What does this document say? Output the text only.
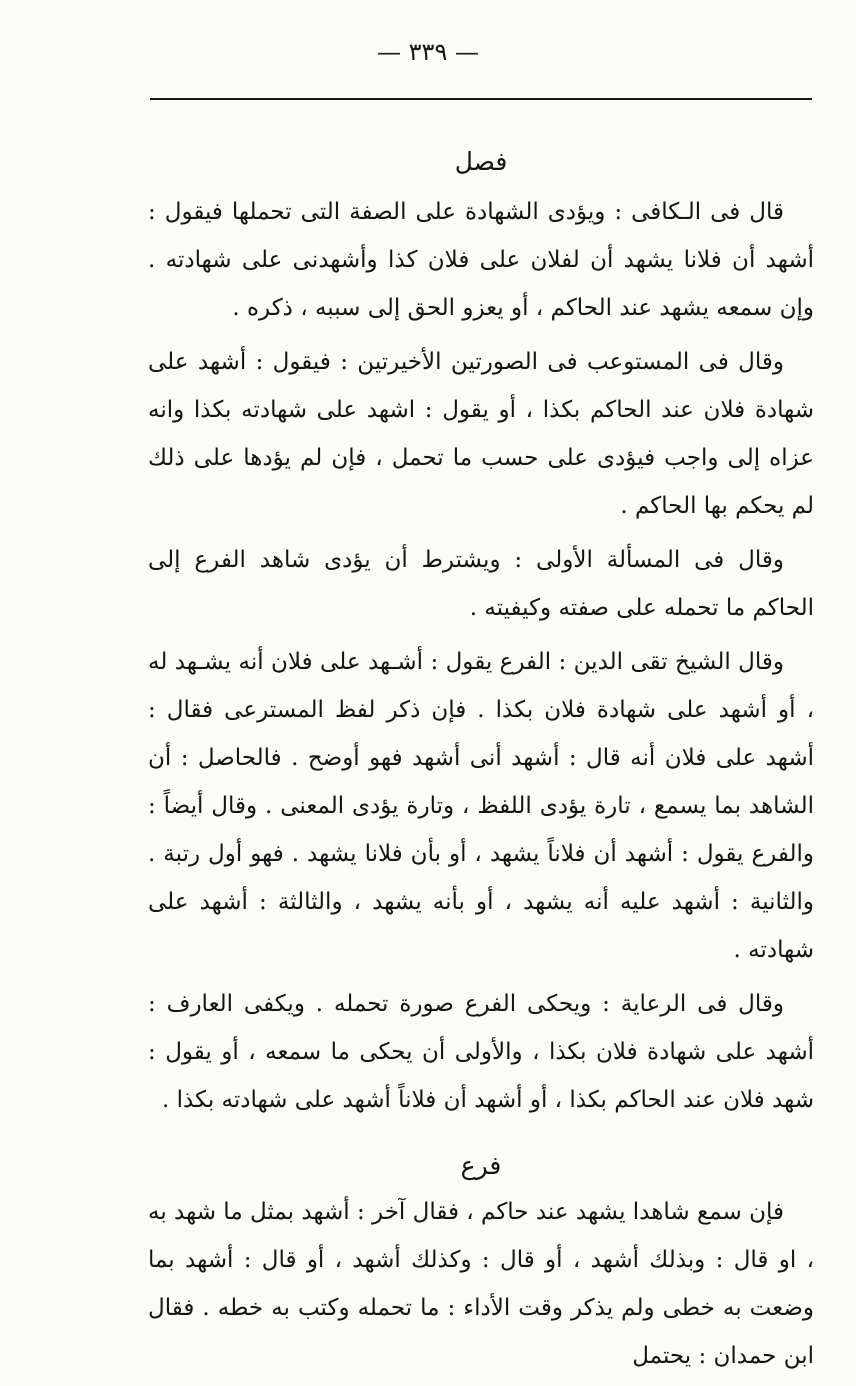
— ٣٣٩ —
فصل

قال فى الـكافى : ويؤدى الشهادة على الصفة التى تحملها فيقول : أشهد أن فلانا يشهد أن لفلان على فلان كذا وأشهدنى على شهادته . وإن سمعه يشهد عند الحاكم ، أو يعزو الحق إلى سببه ، ذكره .

وقال فى المستوعب فى الصورتين الأخيرتين : فيقول : أشهد على شهادة فلان عند الحاكم بكذا ، أو يقول : اشهد على شهادته بكذا وانه عزاه إلى واجب فيؤدى على حسب ما تحمل ، فإن لم يؤدها على ذلك لم يحكم بها الحاكم .

وقال فى المسألة الأولى : ويشترط أن يؤدى شاهد الفرع إلى الحاكم ما تحمله على صفته وكيفيته .

وقال الشيخ تقى الدين : الفرع يقول : أشـهد على فلان أنه يشـهد له ، أو أشهد على شهادة فلان بكذا . فإن ذكر لفظ المسترعى فقال : أشهد على فلان أنه قال : أشهد أنى أشهد فهو أوضح . فالحاصل : أن الشاهد بما يسمع ، تارة يؤدى اللفظ ، وتارة يؤدى المعنى . وقال أيضاً : والفرع يقول : أشهد أن فلاناً يشهد ، أو بأن فلانا يشهد . فهو أول رتبة . والثانية : أشهد عليه أنه يشهد ، أو بأنه يشهد ، والثالثة : أشهد على شهادته .

وقال فى الرعاية : ويحكى الفرع صورة تحمله . ويكفى العارف : أشهد على شهادة فلان بكذا ، والأولى أن يحكى ما سمعه ، أو يقول : شهد فلان عند الحاكم بكذا ، أو أشهد أن فلاناً أشهد على شهادته بكذا .

فرع

فإن سمع شاهدا يشهد عند حاكم ، فقال آخر : أشهد بمثل ما شهد به ، او قال : وبذلك أشهد ، أو قال : وكذلك أشهد ، أو قال : أشهد بما وضعت به خطى ولم يذكر وقت الأداء : ما تحمله وكتب به خطه . فقال ابن حمدان : يحتمل
